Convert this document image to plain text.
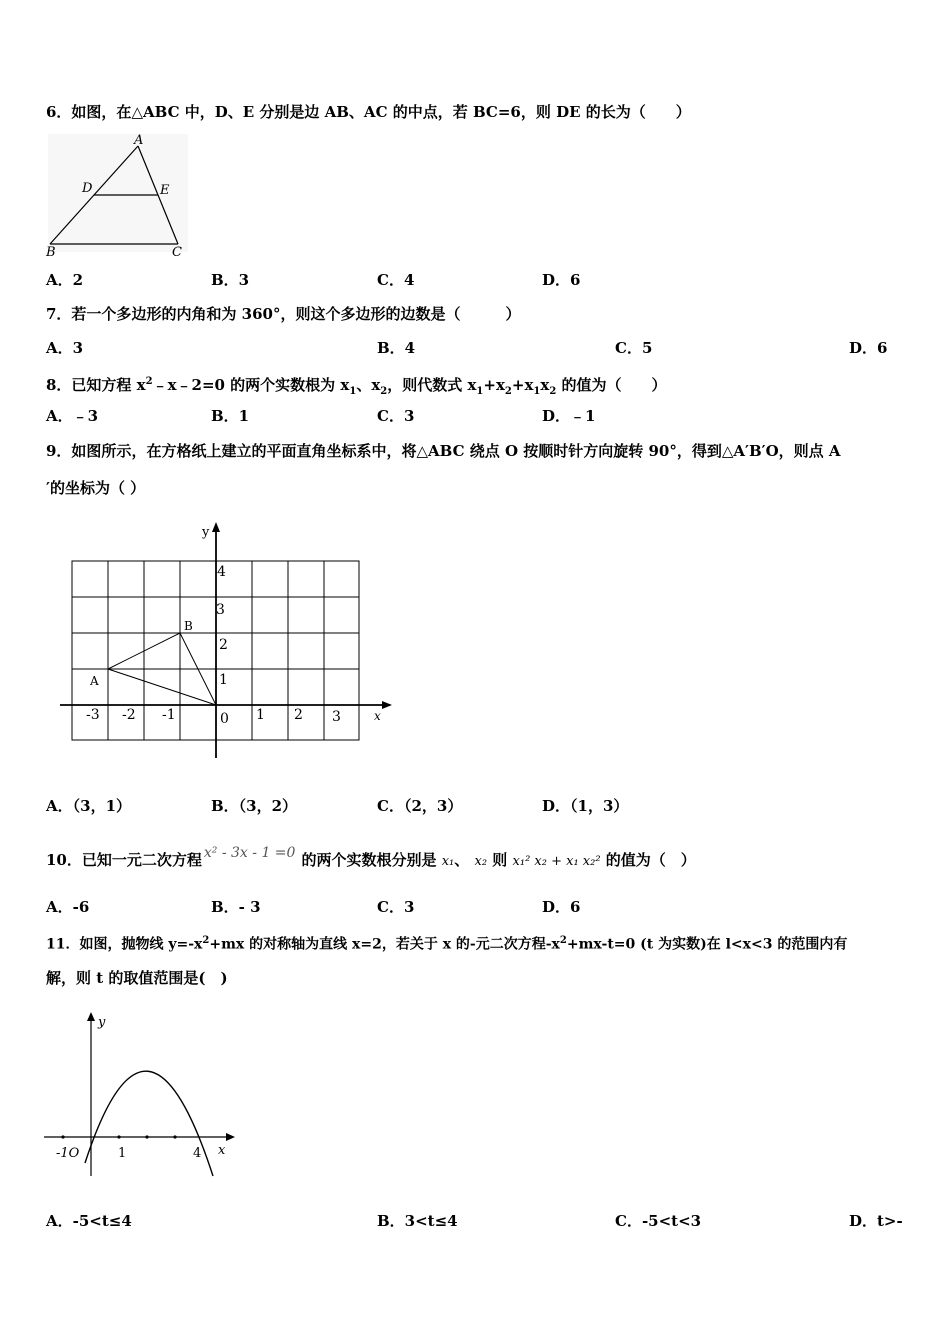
6．如图，在△ABC 中，D、E 分别是边 AB、AC 的中点，若 BC=6，则 DE 的长为（　　）
A
D	E
B	C
A．2	B．3	C．4	D．6
7．若一个多边形的内角和为 360°，则这个多边形的边数是（　　　）
A．3	B．4	C．5	D．6
8．已知方程 $x^2﹣x﹣2=0$ 的两个实数根为 $x_1$、$x_2$，则代数式 $x_1+x_2+x_1x_2$ 的值为（　　）
A．﹣3	B．1	C．3	D．﹣1
9．如图所示，在方格纸上建立的平面直角坐标系中，将△ABC 绕点 O 按顺时针方向旋转 90°，得到△A′B′O，则点 A
′的坐标为（ ）
y
x
A
B
0
-3 -2 -1	1 2 3
1
2
3
4
A．（3，1）	B．（3，2）	C．（2，3）	D．（1，3）
10．已知一元二次方程 x² - 3x - 1 =0 的两个实数根分别是 x₁、 x₂ 则 x₁² x₂ + x₁ x₂² 的值为（　）
A．-6	B．- 3	C．3	D．6
11．如图，抛物线 $y=-x^2+mx$ 的对称轴为直线 x=2，若关于 x 的-元二次方程$-x^2+mx-t=0$ (t 为实数)在 l<x<3 的范围内有
解，则 t 的取值范围是(　)
y
x
-1O	1	4
A．-5<t≤4	B．3<t≤4	C．-5<t<3	D．t>-
